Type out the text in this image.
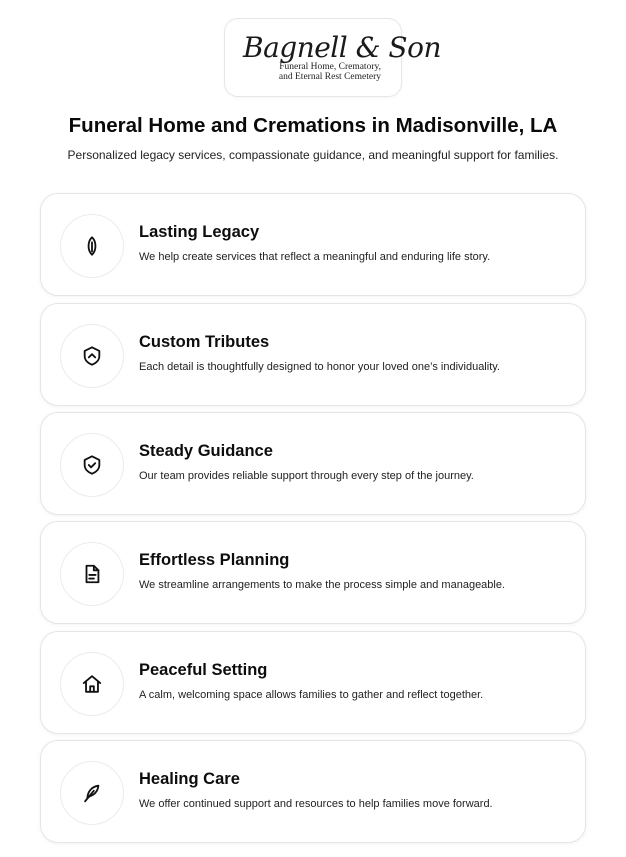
Bagnell & Son
Funeral Home, Crematory,
and Eternal Rest Cemetery
Funeral Home and Cremations in Madisonville, LA

Personalized legacy services, compassionate guidance, and meaningful support for families.

Lasting Legacy
We help create services that reflect a meaningful and enduring life story.
Custom Tributes
Each detail is thoughtfully designed to honor your loved one’s individuality.
Steady Guidance
Our team provides reliable support through every step of the journey.
Effortless Planning
We streamline arrangements to make the process simple and manageable.
Peaceful Setting
A calm, welcoming space allows families to gather and reflect together.
Healing Care
We offer continued support and resources to help families move forward.
